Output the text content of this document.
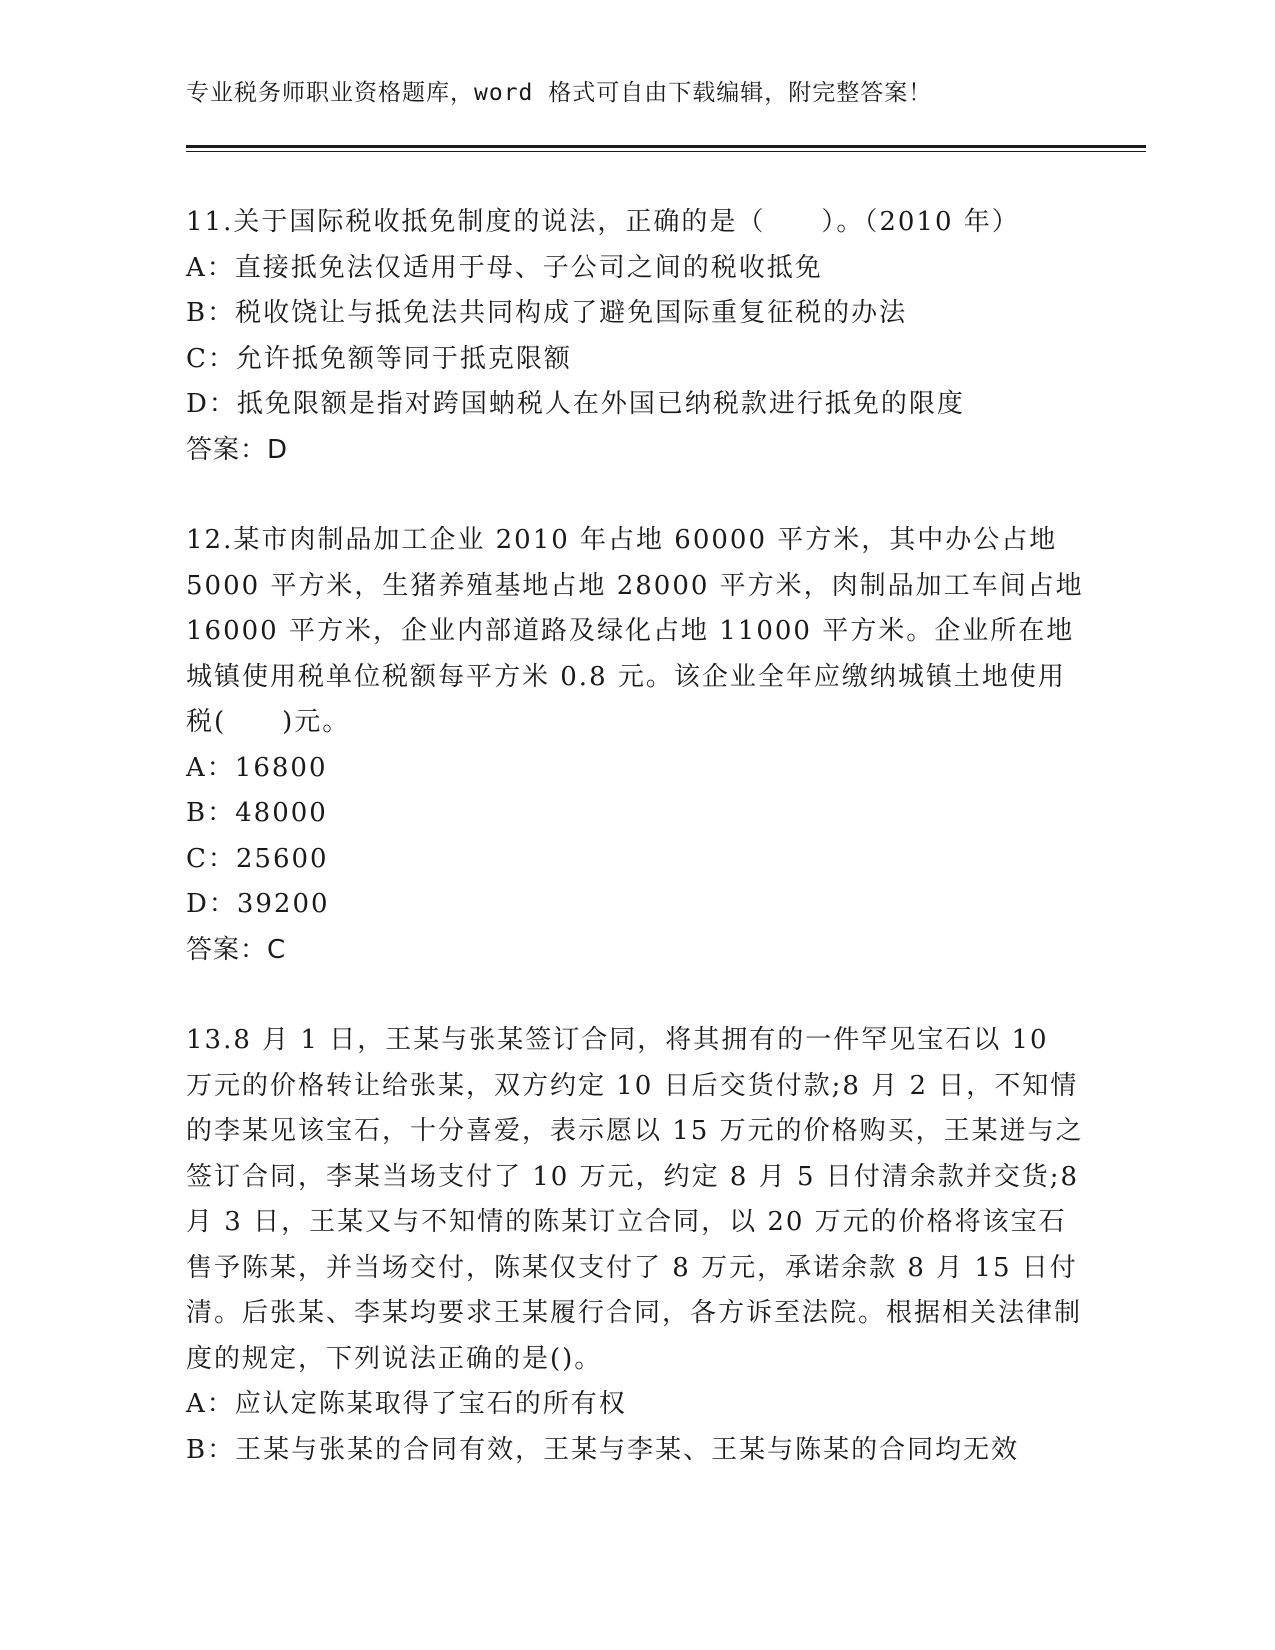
专业税务师职业资格题库，word 格式可自由下载编辑，附完整答案！

11.关于国际税收抵免制度的说法，正确的是（　　）。（2010 年）

A：直接抵免法仅适用于母、子公司之间的税收抵免

B：税收饶让与抵免法共同构成了避免国际重复征税的办法

C：允许抵免额等同于抵克限额

D：抵免限额是指对跨国蚋税人在外国已纳税款进行抵免的限度

答案：D

12.某市肉制品加工企业 2010 年占地 60000 平方米，其中办公占地 5000 平方米，生猪养殖基地占地 28000 平方米，肉制品加工车间占地 16000 平方米，企业内部道路及绿化占地 11000 平方米。企业所在地城镇使用税单位税额每平方米 0.8 元。该企业全年应缴纳城镇土地使用税(　　)元。

A：16800

B：48000

C：25600

D：39200

答案：C

13.8 月 1 日，王某与张某签订合同，将其拥有的一件罕见宝石以 10 万元的价格转让给张某，双方约定 10 日后交货付款;8 月 2 日，不知情的李某见该宝石，十分喜爱，表示愿以 15 万元的价格购买，王某迸与之签订合同，李某当场支付了 10 万元，约定 8 月 5 日付清余款并交货;8 月 3 日，王某又与不知情的陈某订立合同，以 20 万元的价格将该宝石售予陈某，并当场交付，陈某仅支付了 8 万元，承诺余款 8 月 15 日付清。后张某、李某均要求王某履行合同，各方诉至法院。根据相关法律制度的规定，下列说法正确的是()。

A：应认定陈某取得了宝石的所有权

B：王某与张某的合同有效，王某与李某、王某与陈某的合同均无效
